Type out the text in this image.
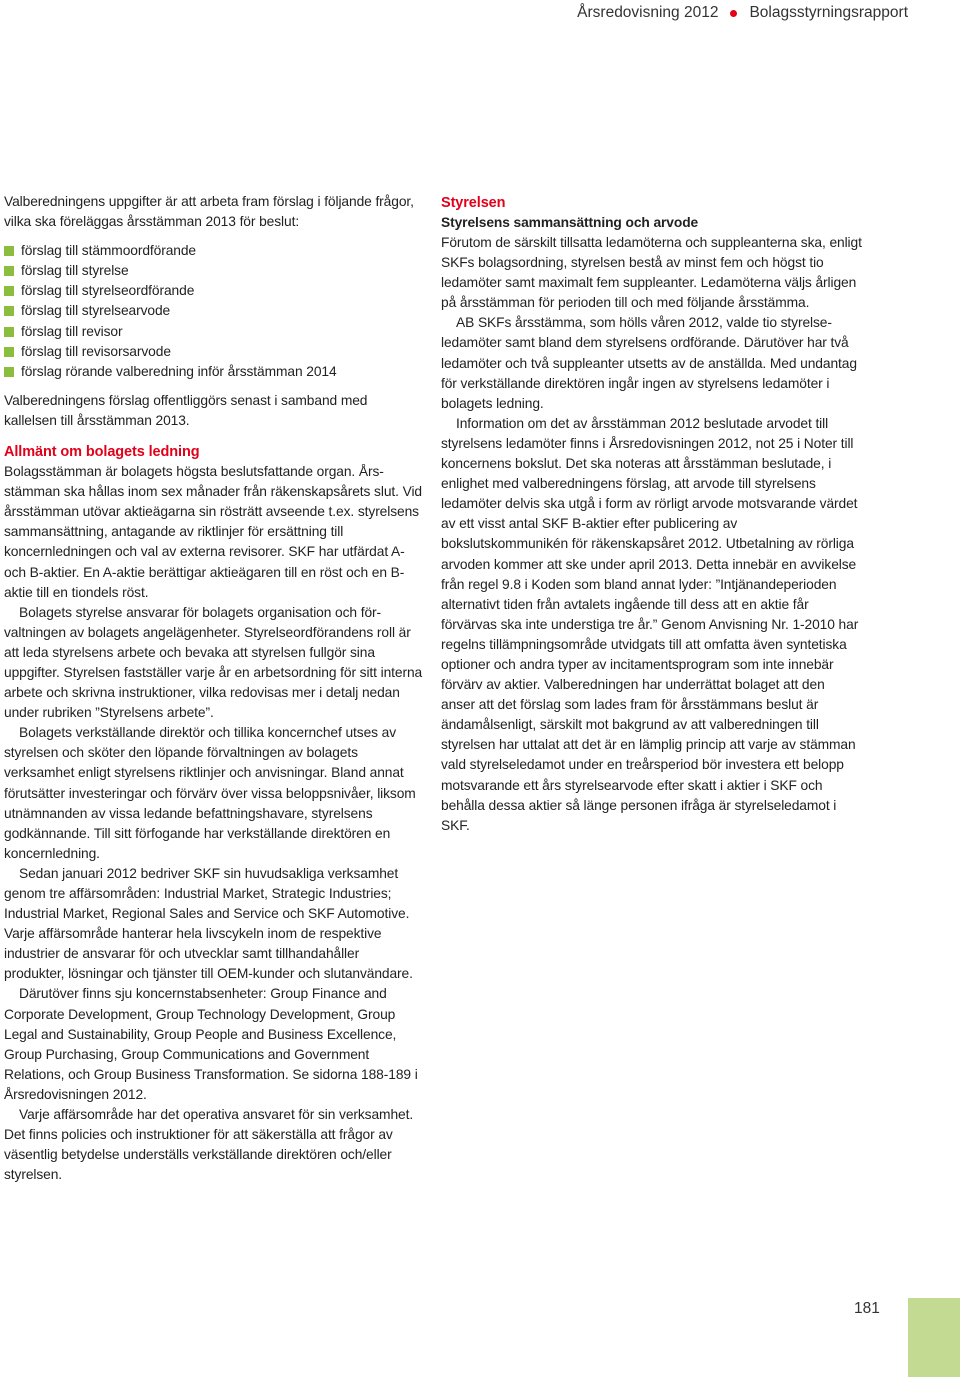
Årsredovisning 2012 Bolagsstyrningsrapport

Valberedningens uppgifter är att arbeta fram förslag i följande frågor, vilka ska föreläggas årsstämman 2013 för beslut:

förslag till stämmoordförande
förslag till styrelse
förslag till styrelseordförande
förslag till styrelsearvode
förslag till revisor
förslag till revisorsarvode
förslag rörande valberedning inför årsstämman 2014

Valberedningens förslag offentliggörs senast i samband med kallelsen till årsstämman 2013.

Allmänt om bolagets ledning

Bolagsstämman är bolagets högsta beslutsfattande organ. Årsstämman ska hållas inom sex månader från räkenskapsårets slut. Vid årsstämman utövar aktieägarna sin rösträtt avseende t.ex. styrelsens sammansättning, antagande av riktlinjer för ersättning till koncernledningen och val av externa revisorer. SKF har utfärdat A- och B-aktier. En A-aktie berättigar aktieägaren till en röst och en B-aktie till en tiondels röst.

Bolagets styrelse ansvarar för bolagets organisation och förvaltningen av bolagets angelägenheter. Styrelseordförandens roll är att leda styrelsens arbete och bevaka att styrelsen fullgör sina uppgifter. Styrelsen fastställer varje år en arbetsordning för sitt interna arbete och skrivna instruktioner, vilka redovisas mer i detalj nedan under rubriken ”Styrelsens arbete”.

Bolagets verkställande direktör och tillika koncernchef utses av styrelsen och sköter den löpande förvaltningen av bolagets verksamhet enligt styrelsens riktlinjer och anvisningar. Bland annat förutsätter investeringar och förvärv över vissa beloppsnivåer, liksom utnämnanden av vissa ledande befattningshavare, styrelsens godkännande. Till sitt förfogande har verkställande direktören en koncernledning.

Sedan januari 2012 bedriver SKF sin huvudsakliga verksamhet genom tre affärsområden: Industrial Market, Strategic Industries; Industrial Market, Regional Sales and Service och SKF Automotive. Varje affärsområde hanterar hela livscykeln inom de respektive industrier de ansvarar för och utvecklar samt tillhandahåller produkter, lösningar och tjänster till OEM-kunder och slutanvändare.

Därutöver finns sju koncernstabsenheter: Group Finance and Corporate Development, Group Technology Development, Group Legal and Sustainability, Group People and Business Excellence, Group Purchasing, Group Communications and Government Relations, och Group Business Transformation. Se sidorna 188-189 i Årsredovisningen 2012.

Varje affärsområde har det operativa ansvaret för sin verksamhet. Det finns policies och instruktioner för att säkerställa att frågor av väsentlig betydelse underställs verkställande direktören och/eller styrelsen.

Styrelsen
Styrelsens sammansättning och arvode

Förutom de särskilt tillsatta ledamöterna och suppleanterna ska, enligt SKFs bolagsordning, styrelsen bestå av minst fem och högst tio ledamöter samt maximalt fem suppleanter. Ledamöterna väljs årligen på årsstämman för perioden till och med följande årsstämma.

AB SKFs årsstämma, som hölls våren 2012, valde tio styrelseledamöter samt bland dem styrelsens ordförande. Därutöver har två ledamöter och två suppleanter utsetts av de anställda. Med undantag för verkställande direktören ingår ingen av styrelsens ledamöter i bolagets ledning.

Information om det av årsstämman 2012 beslutade arvodet till styrelsens ledamöter finns i Årsredovisningen 2012, not 25 i Noter till koncernens bokslut. Det ska noteras att årsstämman beslutade, i enlighet med valberedningens förslag, att arvode till styrelsens ledamöter delvis ska utgå i form av rörligt arvode motsvarande värdet av ett visst antal SKF B-aktier efter publicering av bokslutskommunikén för räkenskapsåret 2012. Utbetalning av rörliga arvoden kommer att ske under april 2013. Detta innebär en avvikelse från regel 9.8 i Koden som bland annat lyder: ”Intjänandeperioden alternativt tiden från avtalets ingående till dess att en aktie får förvärvas ska inte understiga tre år.” Genom Anvisning Nr. 1-2010 har regelns tillämpningsområde utvidgats till att omfatta även syntetiska optioner och andra typer av incitamentsprogram som inte innebär förvärv av aktier. Valberedningen har underrättat bolaget att den anser att det förslag som lades fram för årsstämmans beslut är ändamålsenligt, särskilt mot bakgrund av att valberedningen till styrelsen har uttalat att det är en lämplig princip att varje av stämman vald styrelseledamot under en treårsperiod bör investera ett belopp motsvarande ett års styrelsearvode efter skatt i aktier i SKF och behålla dessa aktier så länge personen ifråga är styrelseledamot i SKF.

181
